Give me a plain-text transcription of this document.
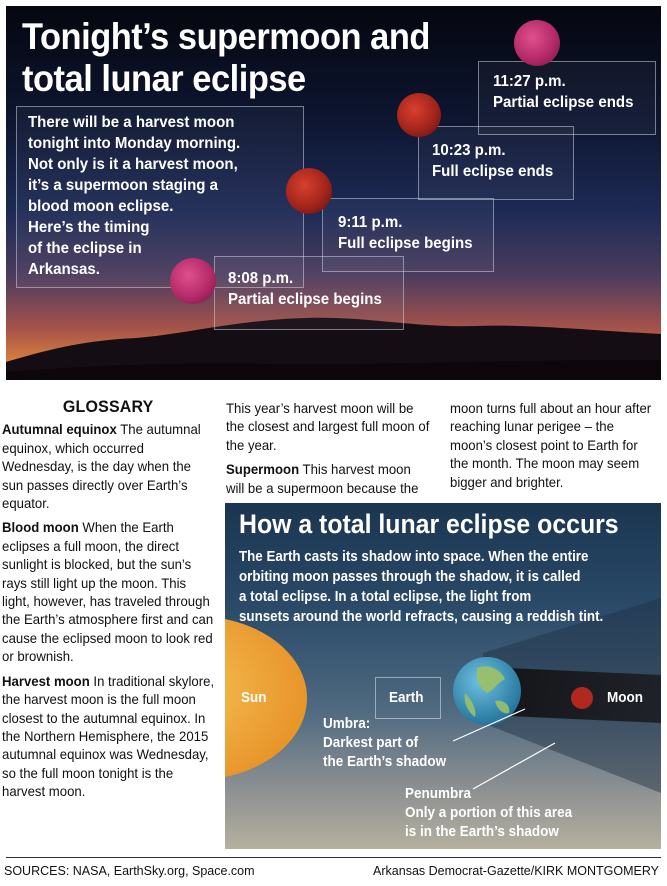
Tonight’s supermoon and
total lunar eclipse
There will be a harvest moon
tonight into Monday morning.
Not only is it a harvest moon,
it’s a supermoon staging a
blood moon eclipse.
Here’s the timing
of the eclipse in
Arkansas.
8:08 p.m.
Partial eclipse begins
9:11 p.m.
Full eclipse begins
10:23 p.m.
Full eclipse ends
11:27 p.m.
Partial eclipse ends
GLOSSARY

Autumnal equinox The autumnal equinox, which occurred Wednesday, is the day when the sun passes directly over Earth’s equator.

Blood moon When the Earth eclipses a full moon, the direct sunlight is blocked, but the sun’s rays still light up the moon. This light, however, has traveled through the Earth’s atmosphere first and can cause the eclipsed moon to look red or brownish.

Harvest moon In traditional skylore, the harvest moon is the full moon closest to the autumnal equinox. In the Northern Hemisphere, the 2015 autumnal equinox was Wednesday, so the full moon tonight is the harvest moon.

This year’s harvest moon will be the closest and largest full moon of the year.

Supermoon This harvest moon will be a supermoon because the

moon turns full about an hour after reaching lunar perigee – the moon’s closest point to Earth for the month. The moon may seem bigger and brighter.

How a total lunar eclipse occurs
The Earth casts its shadow into space. When the entire
orbiting moon passes through the shadow, it is called
a total eclipse. In a total eclipse, the light from
sunsets around the world refracts, causing a reddish tint.
Sun	Earth	Moon
Umbra:
Darkest part of
the Earth’s shadow
Penumbra
Only a portion of this area
is in the Earth’s shadow
SOURCES: NASA, EarthSky.org, Space.com	Arkansas Democrat-Gazette/KIRK MONTGOMERY
